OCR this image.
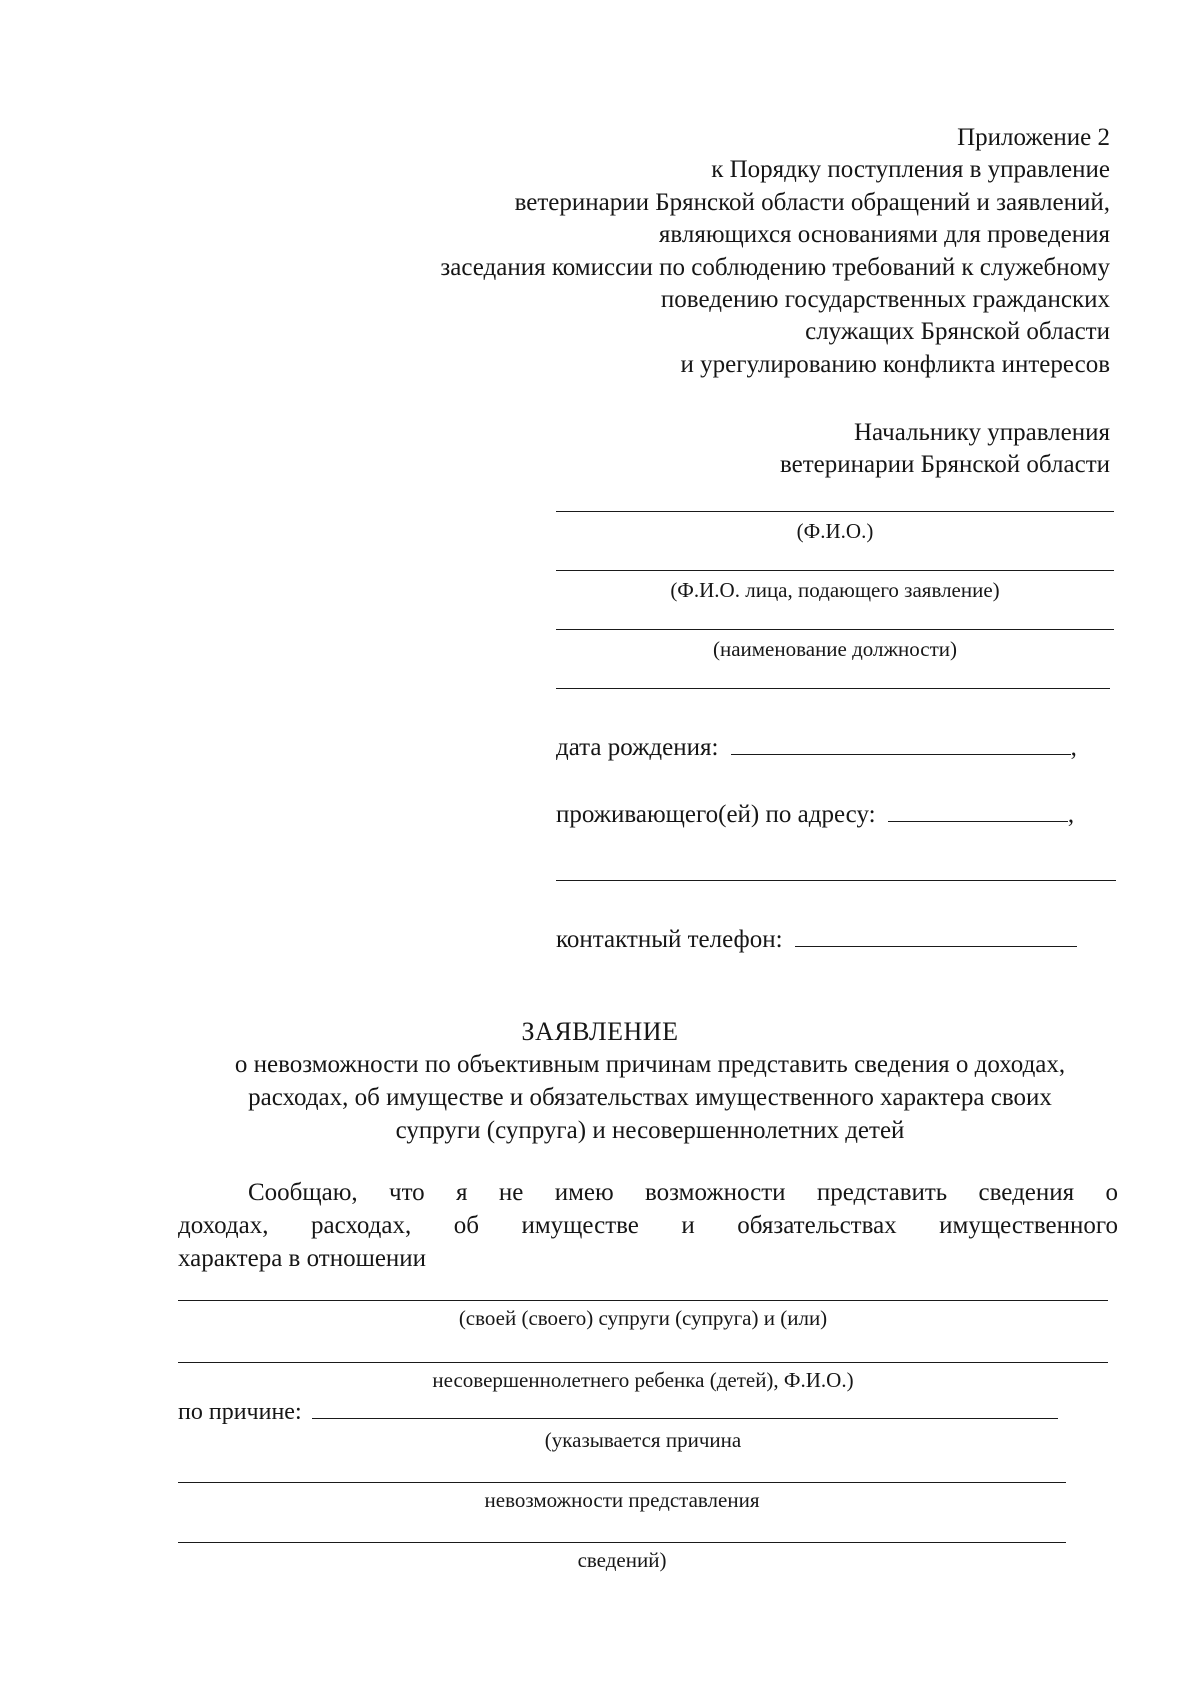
Приложение 2
к Порядку поступления в управление
ветеринарии Брянской области обращений и заявлений,
являющихся основаниями для проведения
заседания комиссии по соблюдению требований к служебному
поведению государственных гражданских
служащих Брянской области
и урегулированию конфликта интересов
Начальнику управления
ветеринарии Брянской области
(Ф.И.О.)
(Ф.И.О. лица, подающего заявление)
(наименование должности)
дата рождения:	,
проживающего(ей) по адресу:	,
контактный телефон:
ЗАЯВЛЕНИЕ
о невозможности по объективным причинам представить сведения о доходах,
расходах, об имуществе и обязательствах имущественного характера своих
супруги (супруга) и несовершеннолетних детей
Сообщаю, что я не имею возможности представить сведения о
доходах, расходах, об имуществе и обязательствах имущественного
характера в отношении
(своей (своего) супруги (супруга) и (или)
несовершеннолетнего ребенка (детей), Ф.И.О.)
по причине:
(указывается причина
невозможности представления
сведений)
